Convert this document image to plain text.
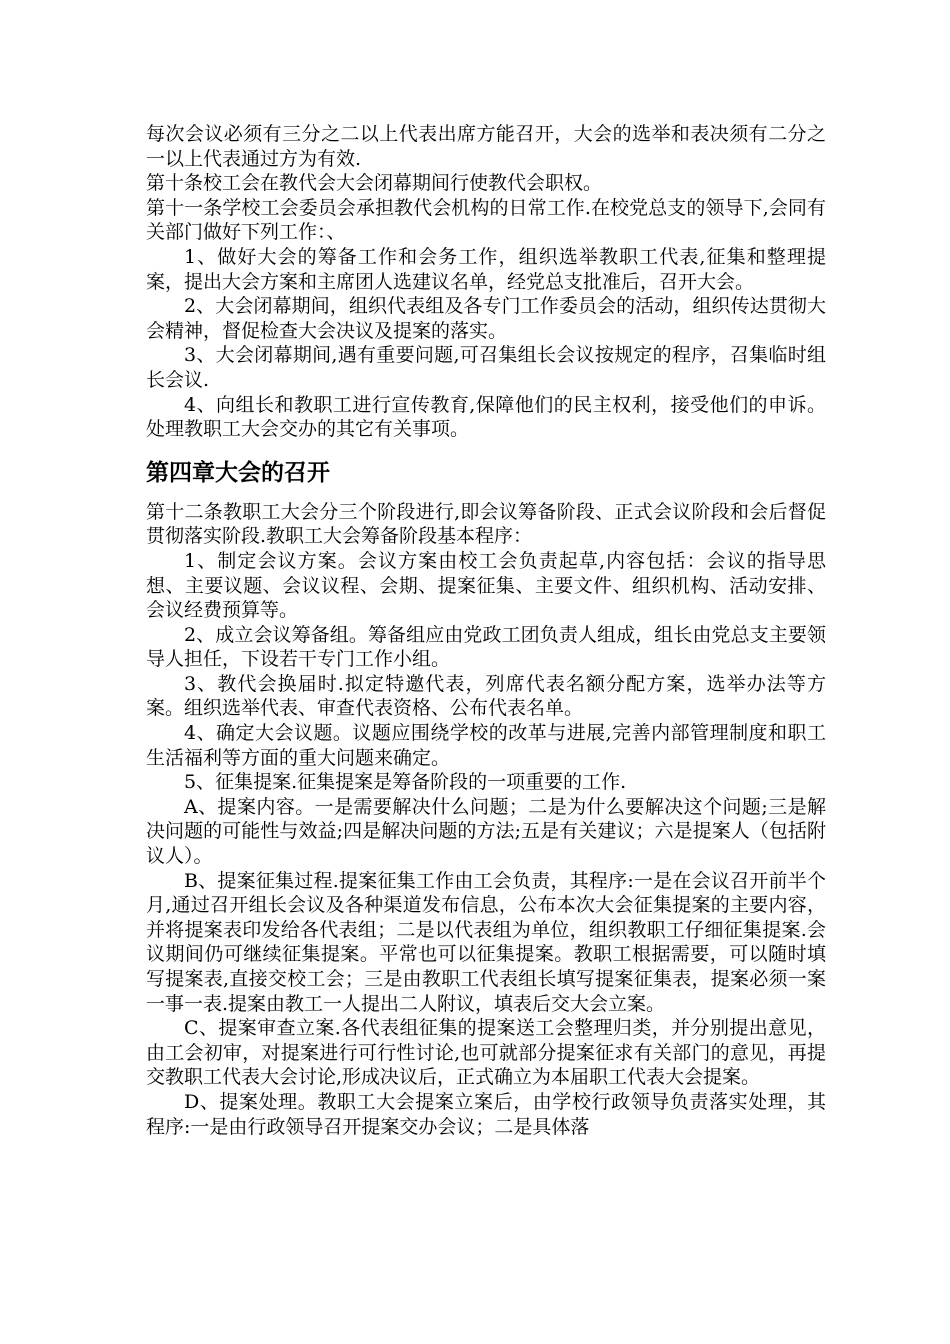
每次会议必须有三分之二以上代表出席方能召开，大会的选举和表决须有二分之一以上代表通过方为有效.

第十条校工会在教代会大会闭幕期间行使教代会职权。

第十一条学校工会委员会承担教代会机构的日常工作.在校党总支的领导下,会同有关部门做好下列工作：、

1、做好大会的筹备工作和会务工作，组织选举教职工代表,征集和整理提案，提出大会方案和主席团人选建议名单，经党总支批准后，召开大会。

2、大会闭幕期间，组织代表组及各专门工作委员会的活动，组织传达贯彻大会精神，督促检查大会决议及提案的落实。

3、大会闭幕期间,遇有重要问题,可召集组长会议按规定的程序，召集临时组长会议.

4、向组长和教职工进行宣传教育,保障他们的民主权利，接受他们的申诉。处理教职工大会交办的其它有关事项。

第四章大会的召开

第十二条教职工大会分三个阶段进行,即会议筹备阶段、正式会议阶段和会后督促贯彻落实阶段.教职工大会筹备阶段基本程序：

1、制定会议方案。会议方案由校工会负责起草,内容包括：会议的指导思想、主要议题、会议议程、会期、提案征集、主要文件、组织机构、活动安排、会议经费预算等。

2、成立会议筹备组。筹备组应由党政工团负责人组成，组长由党总支主要领导人担任，下设若干专门工作小组。

3、教代会换届时.拟定特邀代表，列席代表名额分配方案，选举办法等方案。组织选举代表、审查代表资格、公布代表名单。

4、确定大会议题。议题应围绕学校的改革与进展,完善内部管理制度和职工生活福利等方面的重大问题来确定。

5、征集提案.征集提案是筹备阶段的一项重要的工作.

A、提案内容。一是需要解决什么问题；二是为什么要解决这个问题;三是解决问题的可能性与效益;四是解决问题的方法;五是有关建议；六是提案人（包括附议人）。

B、提案征集过程.提案征集工作由工会负责，其程序:一是在会议召开前半个月,通过召开组长会议及各种渠道发布信息，公布本次大会征集提案的主要内容，并将提案表印发给各代表组；二是以代表组为单位，组织教职工仔细征集提案.会议期间仍可继续征集提案。平常也可以征集提案。教职工根据需要，可以随时填写提案表,直接交校工会；三是由教职工代表组长填写提案征集表，提案必须一案一事一表.提案由教工一人提出二人附议，填表后交大会立案。

C、提案审查立案.各代表组征集的提案送工会整理归类，并分别提出意见，由工会初审，对提案进行可行性讨论,也可就部分提案征求有关部门的意见，再提交教职工代表大会讨论,形成决议后，正式确立为本届职工代表大会提案。

D、提案处理。教职工大会提案立案后，由学校行政领导负责落实处理，其程序:一是由行政领导召开提案交办会议；二是具体落
